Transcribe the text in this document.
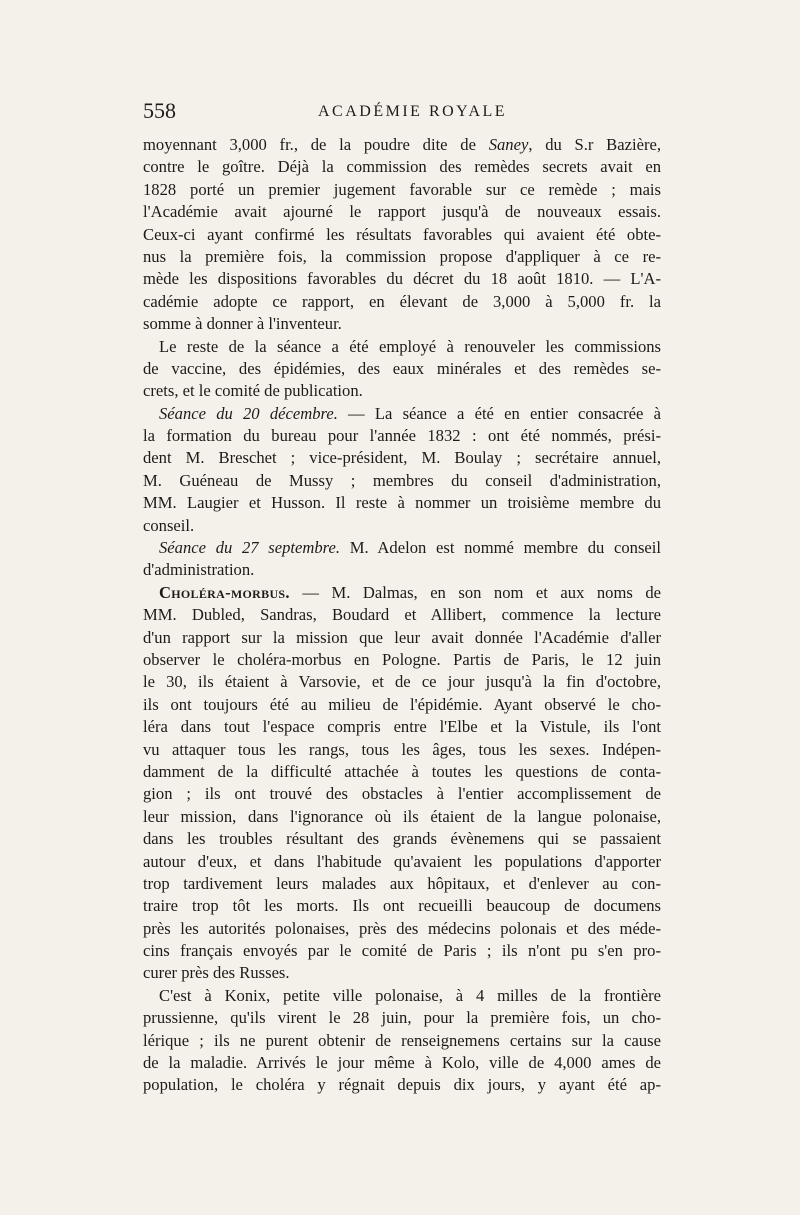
558	ACADÉMIE ROYALE
moyennant 3,000 fr., de la poudre dite de Saney, du S.r Bazière,
contre le goître. Déjà la commission des remèdes secrets avait en
1828 porté un premier jugement favorable sur ce remède ; mais
l'Académie avait ajourné le rapport jusqu'à de nouveaux essais.
Ceux-ci ayant confirmé les résultats favorables qui avaient été obte-
nus la première fois, la commission propose d'appliquer à ce re-
mède les dispositions favorables du décret du 18 août 1810. — L'A-
cadémie adopte ce rapport, en élevant de 3,000 à 5,000 fr. la
somme à donner à l'inventeur.
Le reste de la séance a été employé à renouveler les commissions
de vaccine, des épidémies, des eaux minérales et des remèdes se-
crets, et le comité de publication.
Séance du 20 décembre. — La séance a été en entier consacrée à
la formation du bureau pour l'année 1832 : ont été nommés, prési-
dent M. Breschet ; vice-président, M. Boulay ; secrétaire annuel,
M. Guéneau de Mussy ; membres du conseil d'administration,
MM. Laugier et Husson. Il reste à nommer un troisième membre du
conseil.
Séance du 27 septembre. M. Adelon est nommé membre du conseil
d'administration.
Choléra-morbus. — M. Dalmas, en son nom et aux noms de
MM. Dubled, Sandras, Boudard et Allibert, commence la lecture
d'un rapport sur la mission que leur avait donnée l'Académie d'aller
observer le choléra-morbus en Pologne. Partis de Paris, le 12 juin
le 30, ils étaient à Varsovie, et de ce jour jusqu'à la fin d'octobre,
ils ont toujours été au milieu de l'épidémie. Ayant observé le cho-
léra dans tout l'espace compris entre l'Elbe et la Vistule, ils l'ont
vu attaquer tous les rangs, tous les âges, tous les sexes. Indépen-
damment de la difficulté attachée à toutes les questions de conta-
gion ; ils ont trouvé des obstacles à l'entier accomplissement de
leur mission, dans l'ignorance où ils étaient de la langue polonaise,
dans les troubles résultant des grands évènemens qui se passaient
autour d'eux, et dans l'habitude qu'avaient les populations d'apporter
trop tardivement leurs malades aux hôpitaux, et d'enlever au con-
traire trop tôt les morts. Ils ont recueilli beaucoup de documens
près les autorités polonaises, près des médecins polonais et des méde-
cins français envoyés par le comité de Paris ; ils n'ont pu s'en pro-
curer près des Russes.
C'est à Konix, petite ville polonaise, à 4 milles de la frontière
prussienne, qu'ils virent le 28 juin, pour la première fois, un cho-
lérique ; ils ne purent obtenir de renseignemens certains sur la cause
de la maladie. Arrivés le jour même à Kolo, ville de 4,000 ames de
population, le choléra y régnait depuis dix jours, y ayant été ap-
